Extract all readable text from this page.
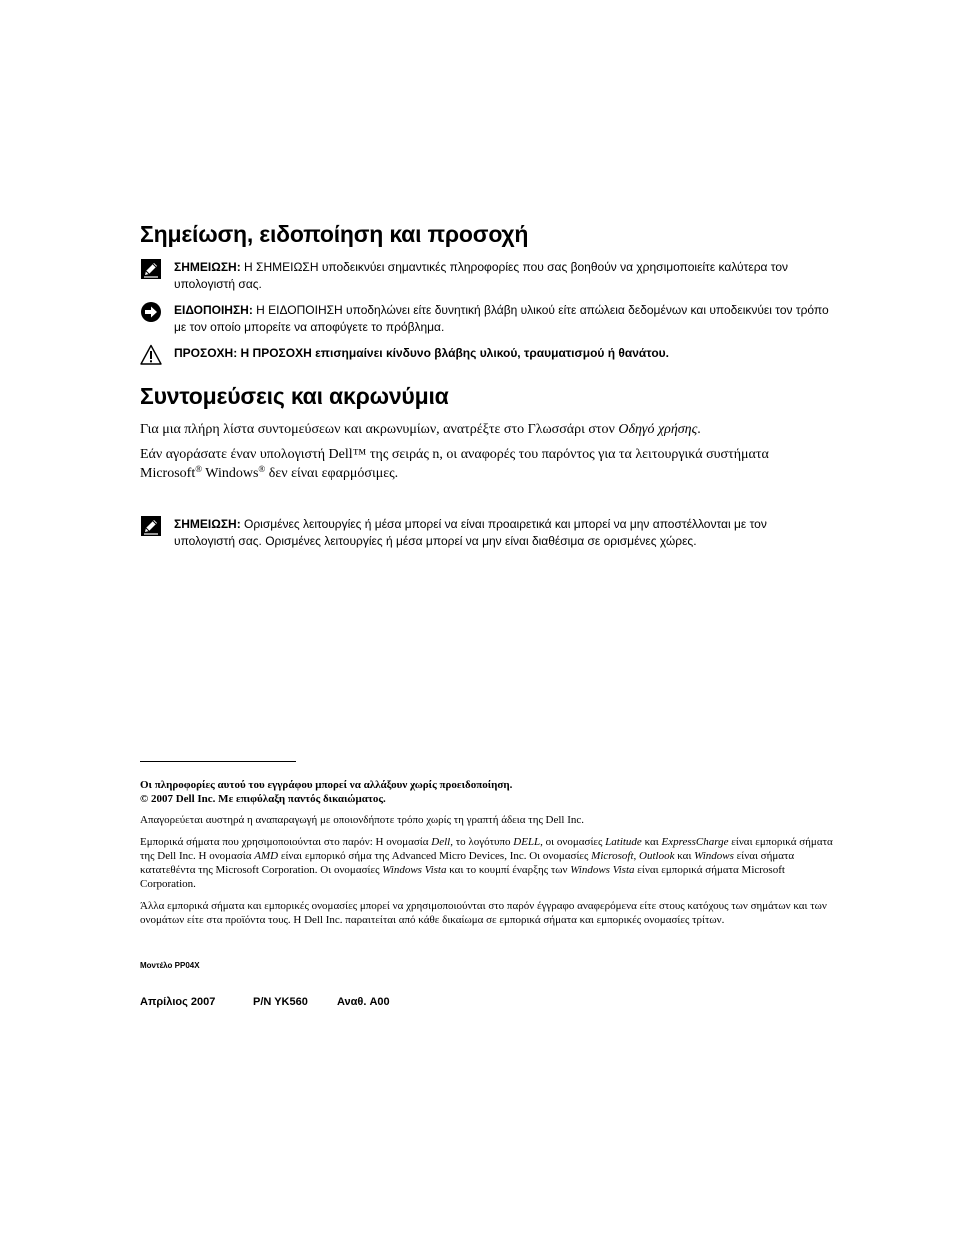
Σημείωση, ειδοποίηση και προσοχή
ΣΗΜΕΙΩΣΗ: Η ΣΗΜΕΙΩΣΗ υποδεικνύει σημαντικές πληροφορίες που σας βοηθούν να χρησιμοποιείτε καλύτερα τον υπολογιστή σας.
ΕΙΔΟΠΟΙΗΣΗ: Η ΕΙΔΟΠΟΙΗΣΗ υποδηλώνει είτε δυνητική βλάβη υλικού είτε απώλεια δεδομένων και υποδεικνύει τον τρόπο με τον οποίο μπορείτε να αποφύγετε το πρόβλημα.
ΠΡΟΣΟΧΗ: Η ΠΡΟΣΟΧΗ επισημαίνει κίνδυνο βλάβης υλικού, τραυματισμού ή θανάτου.
Συντομεύσεις και ακρωνύμια

Για μια πλήρη λίστα συντομεύσεων και ακρωνυμίων, ανατρέξτε στο Γλωσσάρι στον Οδηγό χρήσης.

Εάν αγοράσατε έναν υπολογιστή Dell™ της σειράς n, οι αναφορές του παρόντος για τα λειτουργικά συστήματα Microsoft® Windows® δεν είναι εφαρμόσιμες.

ΣΗΜΕΙΩΣΗ: Ορισμένες λειτουργίες ή μέσα μπορεί να είναι προαιρετικά και μπορεί να μην αποστέλλονται με τον υπολογιστή σας. Ορισμένες λειτουργίες ή μέσα μπορεί να μην είναι διαθέσιμα σε ορισμένες χώρες.

Οι πληροφορίες αυτού του εγγράφου μπορεί να αλλάξουν χωρίς προειδοποίηση.

© 2007 Dell Inc. Με επιφύλαξη παντός δικαιώματος.

Απαγορεύεται αυστηρά η αναπαραγωγή με οποιονδήποτε τρόπο χωρίς τη γραπτή άδεια της Dell Inc.

Εμπορικά σήματα που χρησιμοποιούνται στο παρόν: Η ονομασία Dell, το λογότυπο DELL, οι ονομασίες Latitude και ExpressCharge είναι εμπορικά σήματα της Dell Inc. Η ονομασία AMD είναι εμπορικό σήμα της Advanced Micro Devices, Inc. Οι ονομασίες Microsoft, Outlook και Windows είναι σήματα κατατεθέντα της Microsoft Corporation. Οι ονομασίες Windows Vista και το κουμπί έναρξης των Windows Vista είναι εμπορικά σήματα Microsoft Corporation.

Άλλα εμπορικά σήματα και εμπορικές ονομασίες μπορεί να χρησιμοποιούνται στο παρόν έγγραφο αναφερόμενα είτε στους κατόχους των σημάτων και των ονομάτων είτε στα προϊόντα τους. Η Dell Inc. παραιτείται από κάθε δικαίωμα σε εμπορικά σήματα και εμπορικές ονομασίες τρίτων.

Μοντέλο PP04X
Απρίλιος 2007	P/N YK560	Αναθ. A00
